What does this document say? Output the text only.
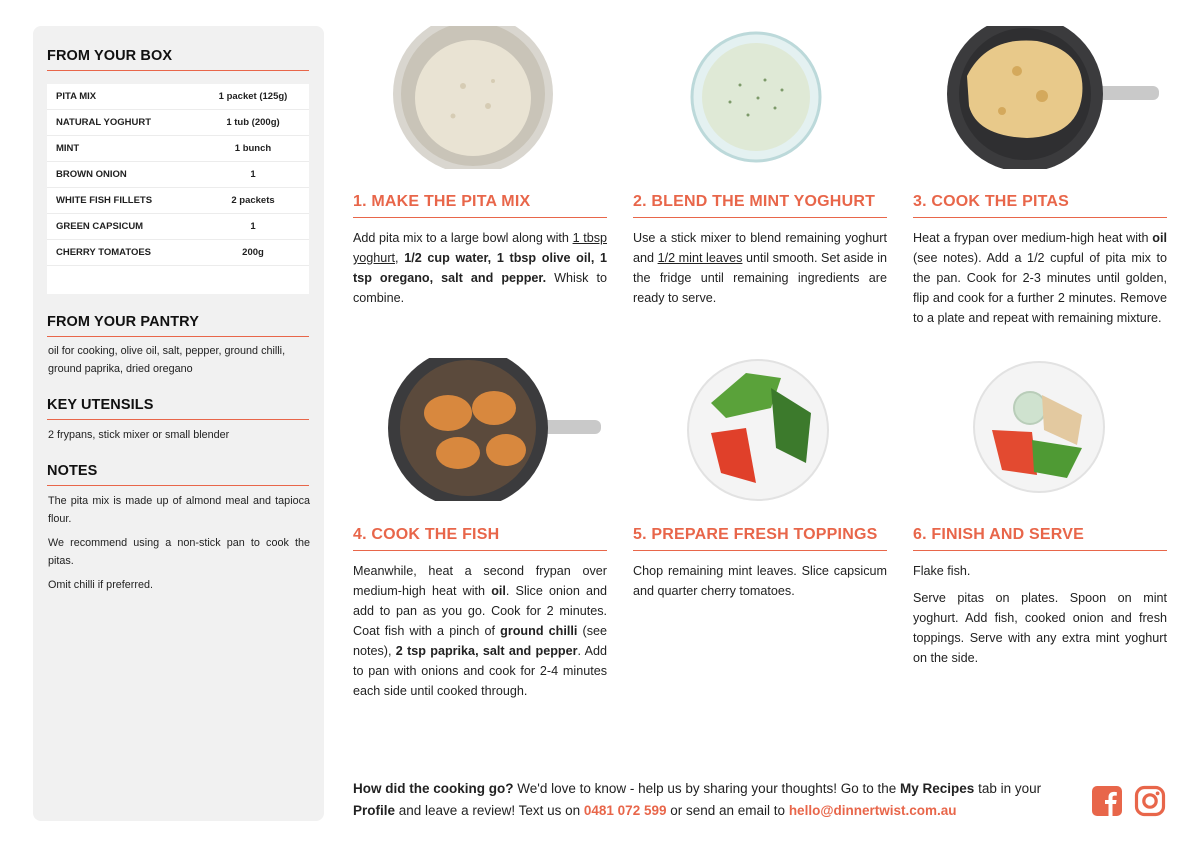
FROM YOUR BOX
PITA MIX	1 packet (125g)
NATURAL YOGHURT	1 tub (200g)
MINT	1 bunch
BROWN ONION	1
WHITE FISH FILLETS	2 packets
GREEN CAPSICUM	1
CHERRY TOMATOES	200g
FROM YOUR PANTRY
oil for cooking, olive oil, salt, pepper, ground chilli, ground paprika, dried oregano
KEY UTENSILS
2 frypans, stick mixer or small blender
NOTES

The pita mix is made up of almond meal and tapioca flour.

We recommend using a non-stick pan to cook the pitas.

Omit chilli if preferred.

1. MAKE THE PITA MIX	2. BLEND THE MINT YOGHURT	3. COOK THE PITAS
4. COOK THE FISH	5. PREPARE FRESH TOPPINGS	6. FINISH AND SERVE

Add pita mix to a large bowl along with 1 tbsp yoghurt, 1/2 cup water, 1 tbsp olive oil, 1 tsp oregano, salt and pepper. Whisk to combine.

Use a stick mixer to blend remaining yoghurt and 1/2 mint leaves until smooth. Set aside in the fridge until remaining ingredients are ready to serve.

Heat a frypan over medium-high heat with oil (see notes). Add a 1/2 cupful of pita mix to the pan. Cook for 2-3 minutes until golden, flip and cook for a further 2 minutes. Remove to a plate and repeat with remaining mixture.

Meanwhile, heat a second frypan over medium-high heat with oil. Slice onion and add to pan as you go. Cook for 2 minutes. Coat fish with a pinch of ground chilli (see notes), 2 tsp paprika, salt and pepper. Add to pan with onions and cook for 2-4 minutes each side until cooked through.

Chop remaining mint leaves. Slice capsicum and quarter cherry tomatoes.

Flake fish.

Serve pitas on plates. Spoon on mint yoghurt. Add fish, cooked onion and fresh toppings. Serve with any extra mint yoghurt on the side.

How did the cooking go? We'd love to know - help us by sharing your thoughts! Go to the My Recipes tab in your Profile and leave a review! Text us on 0481 072 599 or send an email to hello@dinnertwist.com.au
